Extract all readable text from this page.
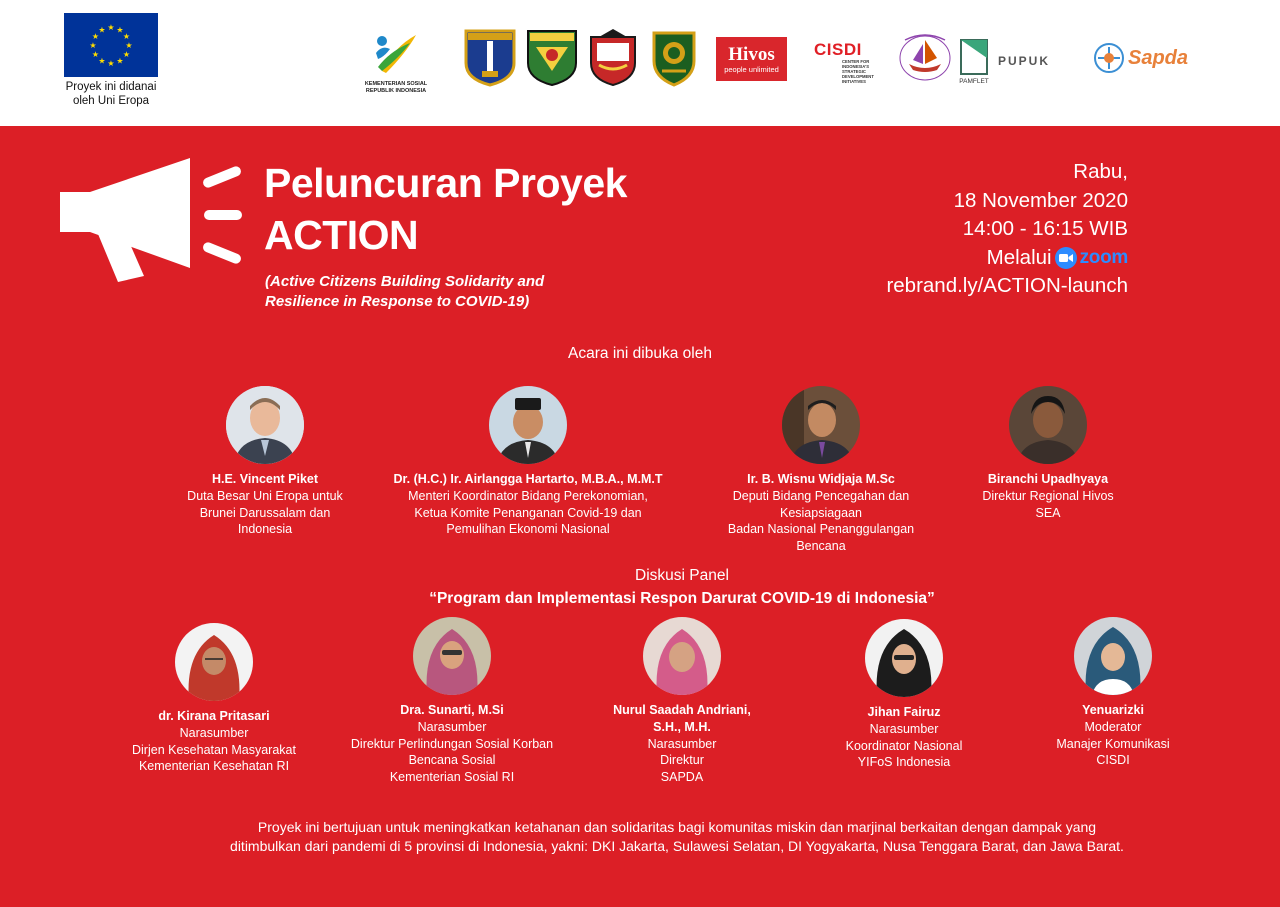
★ ★
★
★
★
★
★
★
★
★
★
★
Proyek ini didanai
oleh Uni Eropa
KEMENTERIAN SOSIAL
REPUBLIK INDONESIA
Hivos
people unlimited
CISDI
CENTER FOR
INDONESIA'S STRATEGIC
DEVELOPMENT INITIATIVES	PAMFLET
PUPUK	Sapda
Peluncuran Proyek
ACTION
(Active Citizens Building Solidarity and
Resilience in Response to COVID-19)
Rabu,
18 November 2020
14:00 - 16:15 WIB
Melalui zoom
rebrand.ly/ACTION-launch
Acara ini dibuka oleh
H.E. Vincent Piket
Duta Besar Uni Eropa untuk
Brunei Darussalam dan
Indonesia
Dr. (H.C.) Ir. Airlangga Hartarto, M.B.A., M.M.T
Menteri Koordinator Bidang Perekonomian,
Ketua Komite Penanganan Covid-19 dan
Pemulihan Ekonomi Nasional
Ir. B. Wisnu Widjaja M.Sc
Deputi Bidang Pencegahan dan
Kesiapsiagaan
Badan Nasional Penanggulangan
Bencana
Biranchi Upadhyaya
Direktur Regional Hivos
SEA
Diskusi Panel
“Program dan Implementasi Respon Darurat COVID-19 di Indonesia”
dr. Kirana Pritasari
Narasumber
Dirjen Kesehatan Masyarakat
Kementerian Kesehatan RI
Dra. Sunarti, M.Si
Narasumber
Direktur Perlindungan Sosial Korban
Bencana Sosial
Kementerian Sosial RI
Nurul Saadah Andriani,
S.H., M.H.
Narasumber
Direktur
SAPDA
Jihan Fairuz
Narasumber
Koordinator Nasional
YIFoS Indonesia
Yenuarizki
Moderator
Manajer Komunikasi
CISDI
Proyek ini bertujuan untuk meningkatkan ketahanan dan solidaritas bagi komunitas miskin dan marjinal berkaitan dengan dampak yang
ditimbulkan dari pandemi di 5 provinsi di Indonesia, yakni: DKI Jakarta, Sulawesi Selatan, DI Yogyakarta, Nusa Tenggara Barat, dan Jawa Barat.
